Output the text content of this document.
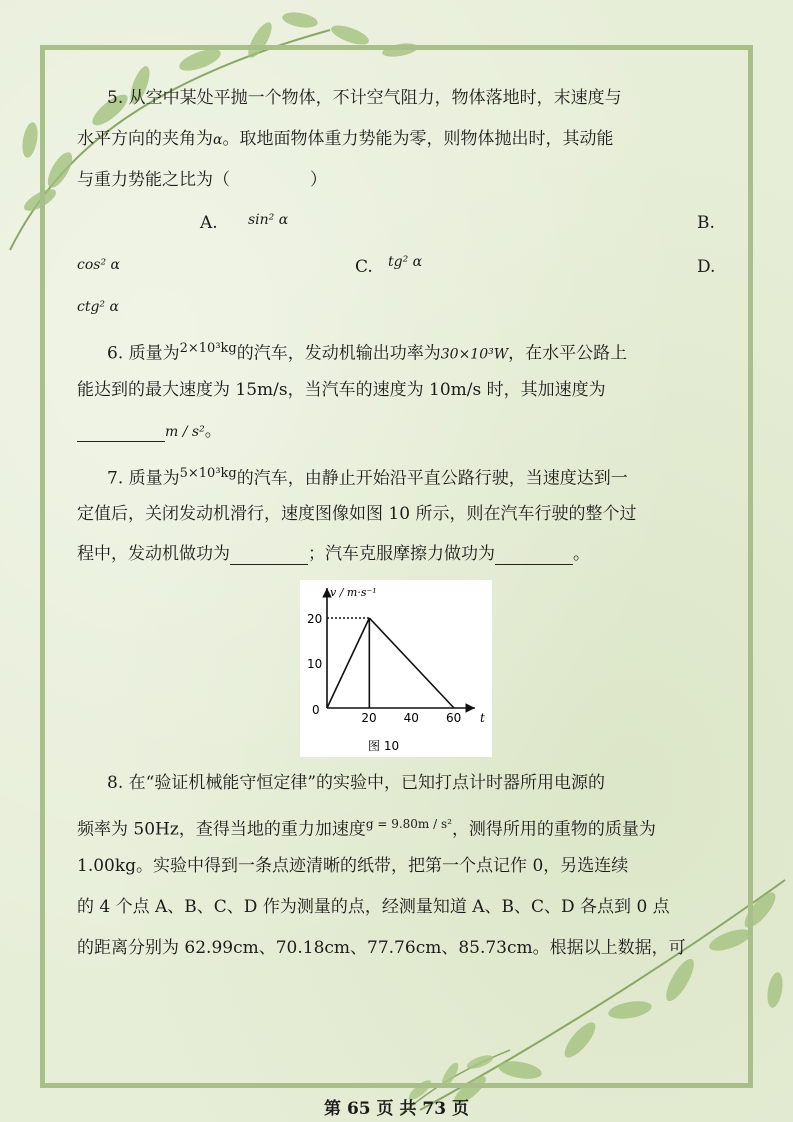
5. 从空中某处平抛一个物体，不计空气阻力，物体落地时，末速度与
水平方向的夹角为α。取地面物体重力势能为零，则物体抛出时，其动能
与重力势能之比为（	）
A. sin² α	B.
cos² α	C. tg² α	D.
ctg² α
6. 质量为$^{2\times 10^3kg}$的汽车，发动机输出功率为30×10³W，在水平公路上
能达到的最大速度为 15m/s，当汽车的速度为 10m/s 时，其加速度为
m / s²。
7. 质量为$^{5\times 10^3kg}$的汽车，由静止开始沿平直公路行驶，当速度达到一
定值后，关闭发动机滑行，速度图像如图 10 所示，则在汽车行驶的整个过
程中，发动机做功为	；汽车克服摩擦力做功为	。
v / m·s⁻¹
t
0
图 10
20 40 60
20
10
8. 在“验证机械能守恒定律”的实验中，已知打点计时器所用电源的
频率为 50Hz，查得当地的重力加速度$^{g = 9.80m / s^2}$，测得所用的重物的质量为
1.00kg。实验中得到一条点迹清晰的纸带，把第一个点记作 0，另选连续
的 4 个点 A、B、C、D 作为测量的点，经测量知道 A、B、C、D 各点到 0 点
的距离分别为 62.99cm、70.18cm、77.76cm、85.73cm。根据以上数据，可
第 65 页 共 73 页
